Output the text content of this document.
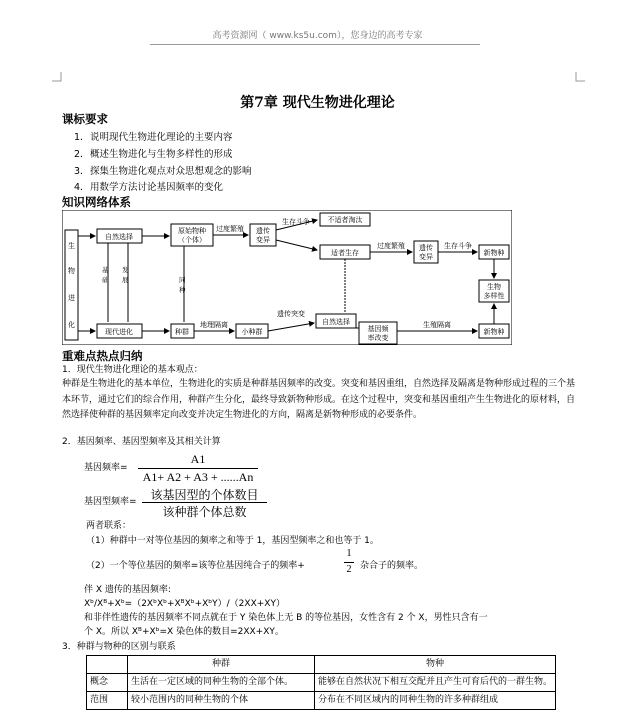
高考资源网（ www.ks5u.com），您身边的高考专家
第7章 现代生物进化理论
课标要求
1．说明现代生物进化理论的主要内容
2．概述生物进化与生物多样性的形成
3．探集生物进化观点对众思想观念的影响
4．用数学方法讨论基因频率的变化
知识网络体系
生
物
进
化
自然选择
原始物种
（个体）
过度繁殖 遗传
变异
生存斗争	不适者淘汰
适者生存
过度繁殖 遗传
变异
生存斗争
新物种
生物
多样性
基
础
发
展	同
种
现代进化	种群
地理隔离
小种群
遗传突变
自然选择
基因频
率改变
生殖隔离
新物种
重难点热点归纳
1．现代生物进化理论的基本观点：
种群是生物进化的基本单位，生物进化的实质是种群基因频率的改变。突变和基因重组，自然选择及隔离是物种形成过程的三个基本环节，通过它们的综合作用，种群产生分化，最终导致新物种形成。在这个过程中，突变和基因重组产生生物进化的原材料，自然选择使种群的基因频率定向改变并决定生物进化的方向，隔离是新物种形成的必要条件。
2．基因频率、基因型频率及其相关计算
基因频率=
A1
A1+ A2 + A3 + ......An
基因型频率=	该基因型的个体数目
该种群个体总数
两者联系：
（1）种群中一对等位基因的频率之和等于 1，基因型频率之和也等于 1。
（2）一个等位基因的频率=该等位基因纯合子的频率+
1
2 杂合子的频率。
伴 X 遗传的基因频率:
Xᵇ/Xᴮ+Xᵇ=（2XᵇXᵇ+XᴮXᵇ+XᵇY）/（2XX+XY）
和非伴性遗传的基因频率不同点就在于 Y 染色体上无 B 的等位基因，女性含有 2 个 X，男性只含有一
个 X。所以 Xᴮ+Xᵇ=X 染色体的数目=2XX+XY。
3．种群与物种的区别与联系
	种群	物种
概念	生活在一定区域的同种生物的全部个体。	能够在自然状况下相互交配并且产生可育后代的一群生物。
范围	较小范围内的同种生物的个体	分布在不同区域内的同种生物的许多种群组成
